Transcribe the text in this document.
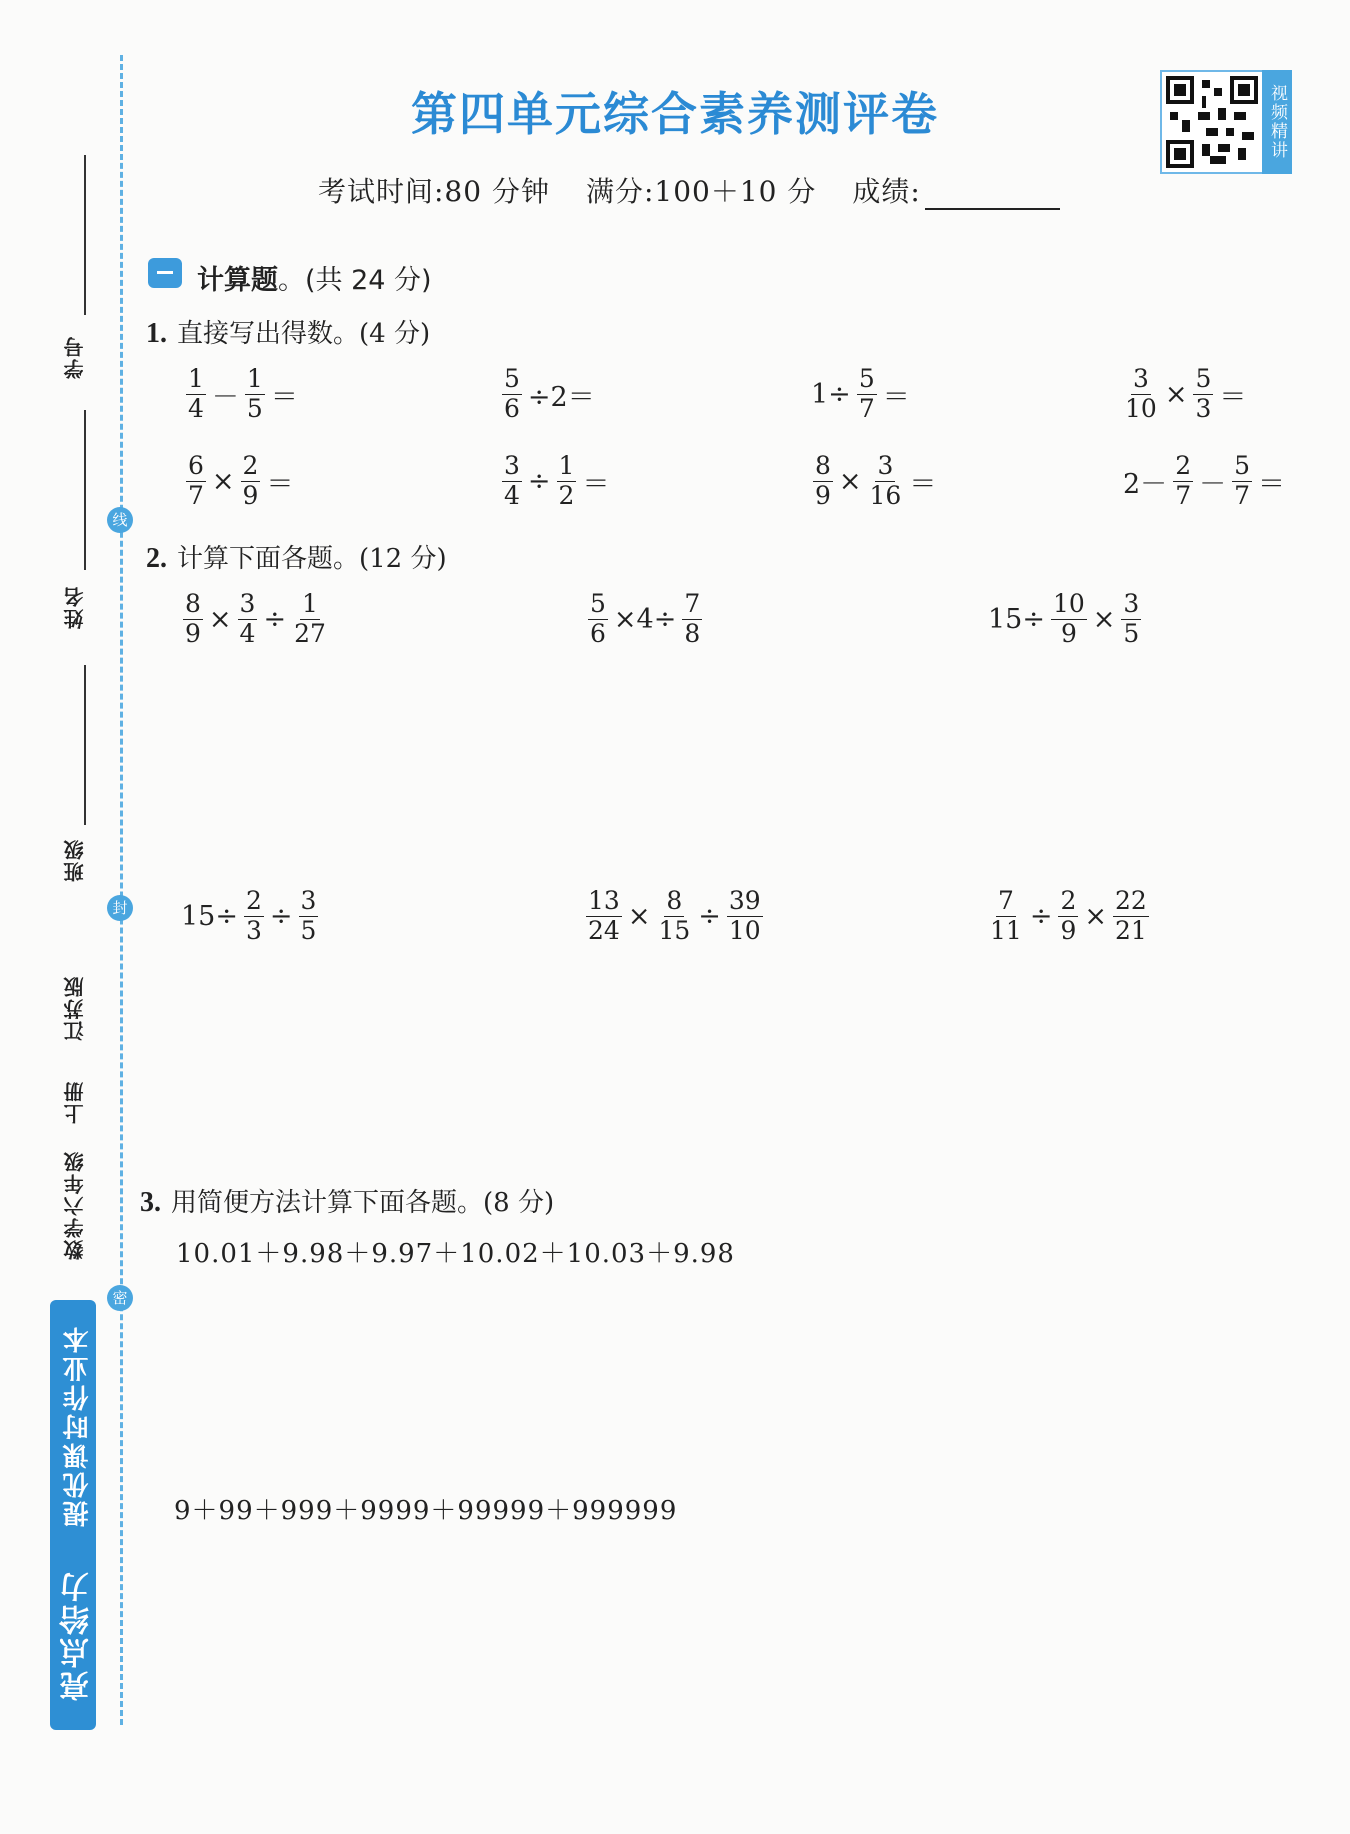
线
封
密
学号
姓名
班级
江苏版
上册
数学六年级
亮点给力  提优课时作业本
第四单元综合素养测评卷	视频精讲
考试时间:80 分钟 满分:100＋10 分 成绩:
计算题。(共 24 分)
1. 直接写出得数。(4 分)
$\frac{1}{4} - \frac{1}{5}$ ＝	$\frac{5}{6} \div 2=$	$1\div \frac{5}{7}$ ＝	$\frac{3}{10} \times \frac{5}{3}$ ＝
$\frac{6}{7} \times \frac{2}{9}$ ＝	$\frac{3}{4} \div \frac{1}{2}$ ＝	$\frac{8}{9} \times \frac{3}{16}$ ＝	$2- \frac{2}{7} - \frac{5}{7}$ ＝
2. 计算下面各题。(12 分)
$\frac{8}{9} \times \frac{3}{4} \div \frac{1}{27}$	$\frac{5}{6} \times 4\div \frac{7}{8}$	$15\div \frac{10}{9} \times \frac{3}{5}$
$15\div \frac{2}{3} \div \frac{3}{5}$	$\frac{13}{24} \times \frac{8}{15} \div \frac{39}{10}$	$\frac{7}{11} \div \frac{2}{9} \times \frac{22}{21}$
3. 用简便方法计算下面各题。(8 分)
10.01＋9.98＋9.97＋10.02＋10.03＋9.98
9＋99＋999＋9999＋99999＋999999
